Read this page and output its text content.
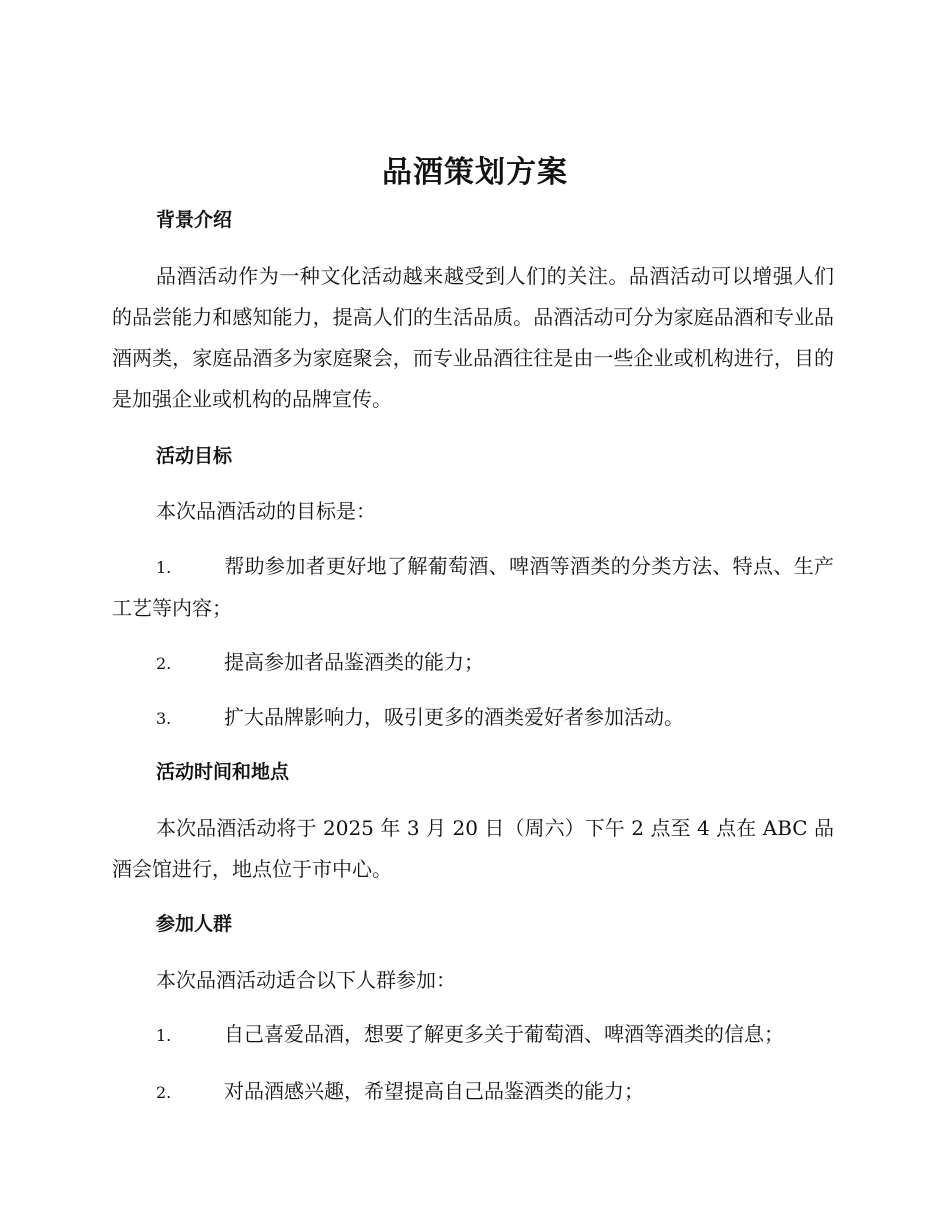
品酒策划方案
背景介绍
品酒活动作为一种文化活动越来越受到人们的关注。品酒活动可以增强人们的品尝能力和感知能力，提高人们的生活品质。品酒活动可分为家庭品酒和专业品酒两类，家庭品酒多为家庭聚会，而专业品酒往往是由一些企业或机构进行，目的是加强企业或机构的品牌宣传。
活动目标
本次品酒活动的目标是：
1.	帮助参加者更好地了解葡萄酒、啤酒等酒类的分类方法、特点、生产工艺等内容；
2.	提高参加者品鉴酒类的能力；
3.	扩大品牌影响力，吸引更多的酒类爱好者参加活动。
活动时间和地点
本次品酒活动将于 2025 年 3 月 20 日（周六）下午 2 点至 4 点在 ABC 品酒会馆进行，地点位于市中心。
参加人群
本次品酒活动适合以下人群参加：
1.	自己喜爱品酒，想要了解更多关于葡萄酒、啤酒等酒类的信息；
2.	对品酒感兴趣，希望提高自己品鉴酒类的能力；
